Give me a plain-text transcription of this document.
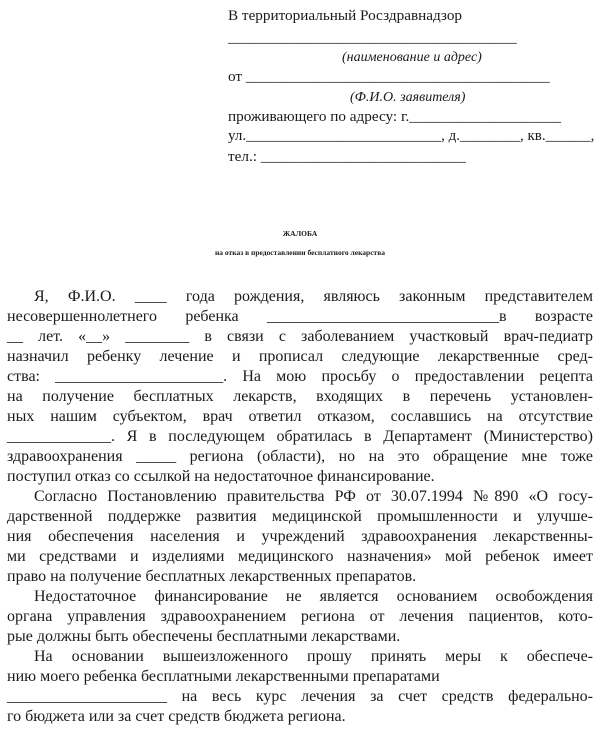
В территориальный Росздравнадзор
______________________________________
(наименование и адрес)
от ________________________________________
(Ф.И.О. заявителя)
проживающего по адресу: г.____________________
ул.__________________________, д.________, кв.______,
тел.: ___________________________
ЖАЛОБА
на отказ в предоставлении бесплатного лекарства
Я, Ф.И.О. ____ года рождения, являюсь законным представителем
несовершеннолетнего ребенка _____________________________в возрасте
__ лет. «__» ________ в связи с заболеванием участковый врач-педиатр
назначил ребенку лечение и прописал следующие лекарственные сред-
ства: _____________________. На мою просьбу о предоставлении рецепта
на получение бесплатных лекарств, входящих в перечень установлен-
ных нашим субъектом, врач ответил отказом, сославшись на отсутствие
_____________. Я в последующем обратилась в Департамент (Министерство)
здравоохранения _____ региона (области), но на это обращение мне тоже
поступил отказ со ссылкой на недостаточное финансирование.
Согласно Постановлению правительства РФ от 30.07.1994 №890 «О госу-
дарственной поддержке развития медицинской промышленности и улучше-
ния обеспечения населения и учреждений здравоохранения лекарственны-
ми средствами и изделиями медицинского назначения» мой ребенок имеет
право на получение бесплатных лекарственных препаратов.
Недостаточное финансирование не является основанием освобождения
органа управления здравоохранением региона от лечения пациентов, кото-
рые должны быть обеспечены бесплатными лекарствами.
На основании вышеизложенного прошу принять меры к обеспече-
нию моего ребенка бесплатными лекарственными препаратами
____________________ на весь курс лечения за счет средств федерально-
го бюджета или за счет средств бюджета региона.
